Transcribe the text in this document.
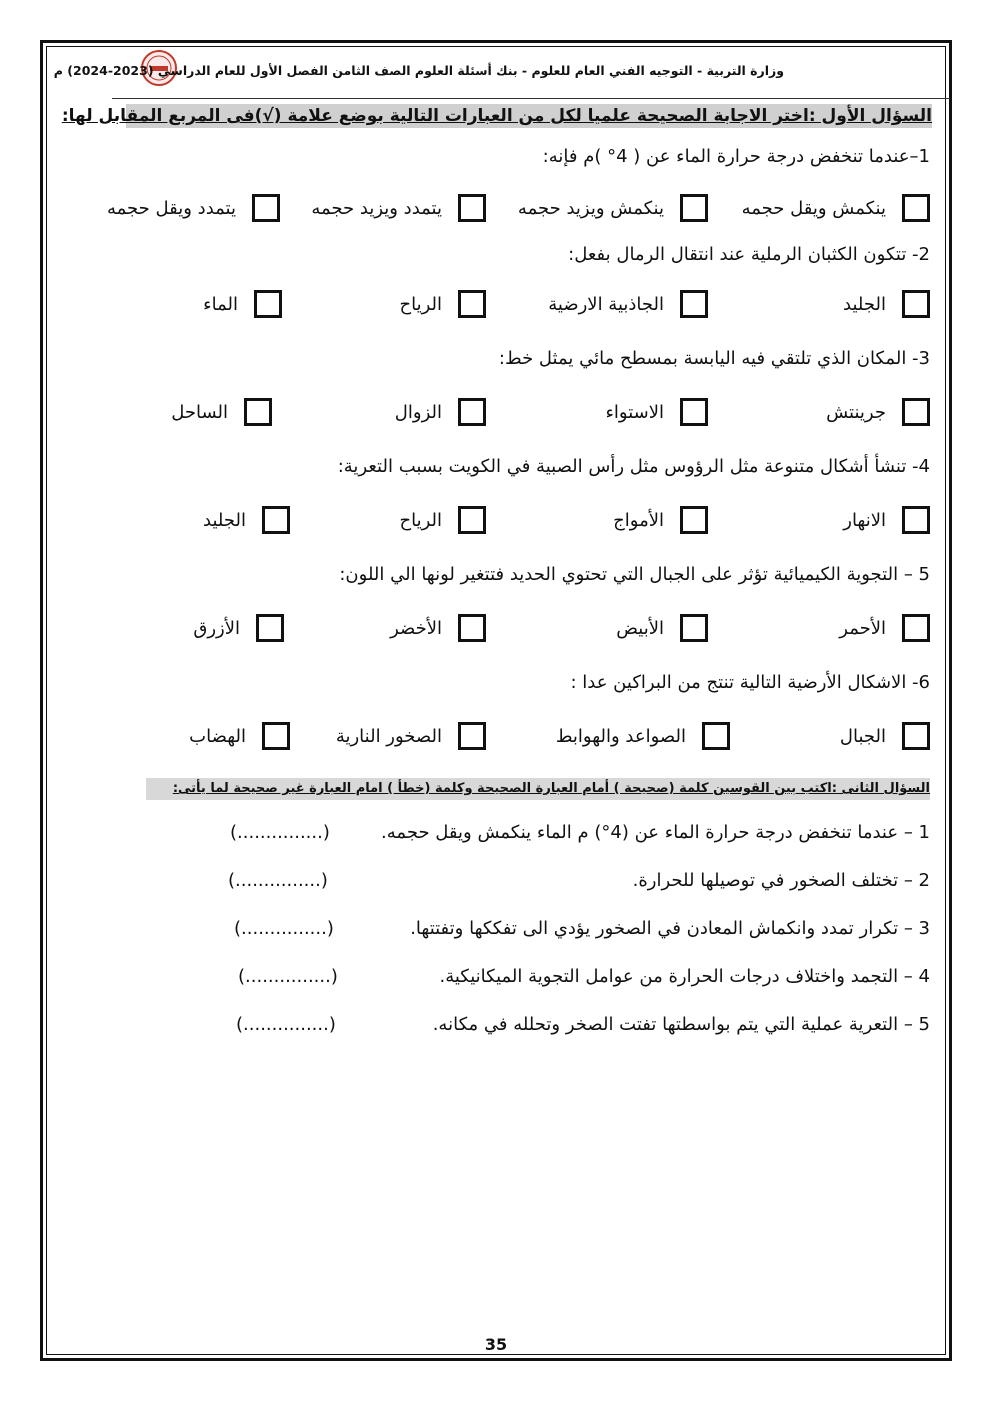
وزارة التربية - التوجيه الفني العام للعلوم - بنك أسئلة العلوم الصف الثامن الفصل الأول للعام الدراسي (2023-2024) م
السؤال الأول :اختر الاجابة الصحيحة علميا لكل من العبارات التالية بوضع علامة (√)فى المربع المقابل لها:
1–عندما تنخفض درجة حرارة الماء عن ( 4° )م فإنه:
ينكمش ويقل حجمه
ينكمش ويزيد حجمه
يتمدد ويزيد حجمه
يتمدد ويقل حجمه
2- تتكون الكثبان الرملية عند انتقال الرمال بفعل:
الجليد
الجاذبية الارضية
الرياح
الماء
3- المكان الذي تلتقي فيه اليابسة بمسطح مائي يمثل خط:
جرينتش
الاستواء
الزوال
الساحل
4- تنشأ أشكال متنوعة مثل الرؤوس مثل رأس الصبية في الكويت بسبب التعرية:
الانهار
الأمواج
الرياح
الجليد
5 – التجوية الكيميائية تؤثر على الجبال التي تحتوي الحديد فتتغير لونها الي اللون:
الأحمر
الأبيض
الأخضر
الأزرق
6- الاشكال الأرضية التالية تنتج من البراكين عدا :
الجبال
الصواعد والهوابط
الصخور النارية
الهضاب
السؤال الثانى :اكتب بين القوسين كلمة (صحيحة ) أمام العبارة الصحيحة وكلمة (خطأ ) امام العبارة غير صحيحة لما يأتى:
1 – عندما تنخفض درجة حرارة الماء عن (4°) م الماء ينكمش ويقل حجمه.
(...............)
2 – تختلف الصخور في توصيلها للحرارة.
(...............)
3 – تكرار تمدد وانكماش المعادن في الصخور يؤدي الى تفككها وتفتتها.
(...............)
4 – التجمد واختلاف درجات الحرارة من عوامل التجوية الميكانيكية.
(...............)
5 – التعرية عملية التي يتم بواسطتها تفتت الصخر وتحلله في مكانه.
(...............)
35
